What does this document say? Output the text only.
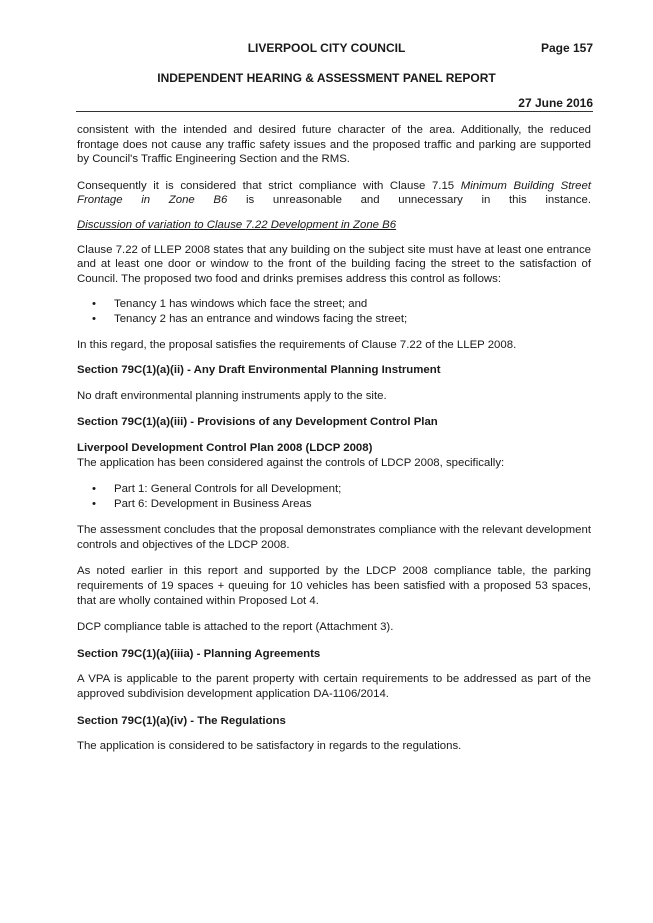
LIVERPOOL CITY COUNCIL	Page 157
INDEPENDENT HEARING & ASSESSMENT PANEL REPORT
27 June 2016

consistent with the intended and desired future character of the area. Additionally, the reduced frontage does not cause any traffic safety issues and the proposed traffic and parking are supported by Council's Traffic Engineering Section and the RMS.

Consequently it is considered that strict compliance with Clause 7.15 Minimum Building Street Frontage in Zone B6 is unreasonable and unnecessary in this instance.

Discussion of variation to Clause 7.22 Development in Zone B6

Clause 7.22 of LLEP 2008 states that any building on the subject site must have at least one entrance and at least one door or window to the front of the building facing the street to the satisfaction of Council. The proposed two food and drinks premises address this control as follows:

• Tenancy 1 has windows which face the street; and
• Tenancy 2 has an entrance and windows facing the street;

In this regard, the proposal satisfies the requirements of Clause 7.22 of the LLEP 2008.

Section 79C(1)(a)(ii) - Any Draft Environmental Planning Instrument

No draft environmental planning instruments apply to the site.

Section 79C(1)(a)(iii) - Provisions of any Development Control Plan

Liverpool Development Control Plan 2008 (LDCP 2008)

The application has been considered against the controls of LDCP 2008, specifically:

• Part 1: General Controls for all Development;
• Part 6: Development in Business Areas

The assessment concludes that the proposal demonstrates compliance with the relevant development controls and objectives of the LDCP 2008.

As noted earlier in this report and supported by the LDCP 2008 compliance table, the parking requirements of 19 spaces + queuing for 10 vehicles has been satisfied with a proposed 53 spaces, that are wholly contained within Proposed Lot 4.

DCP compliance table is attached to the report (Attachment 3).

Section 79C(1)(a)(iiia) - Planning Agreements

A VPA is applicable to the parent property with certain requirements to be addressed as part of the approved subdivision development application DA-1106/2014.

Section 79C(1)(a)(iv) - The Regulations

The application is considered to be satisfactory in regards to the regulations.
